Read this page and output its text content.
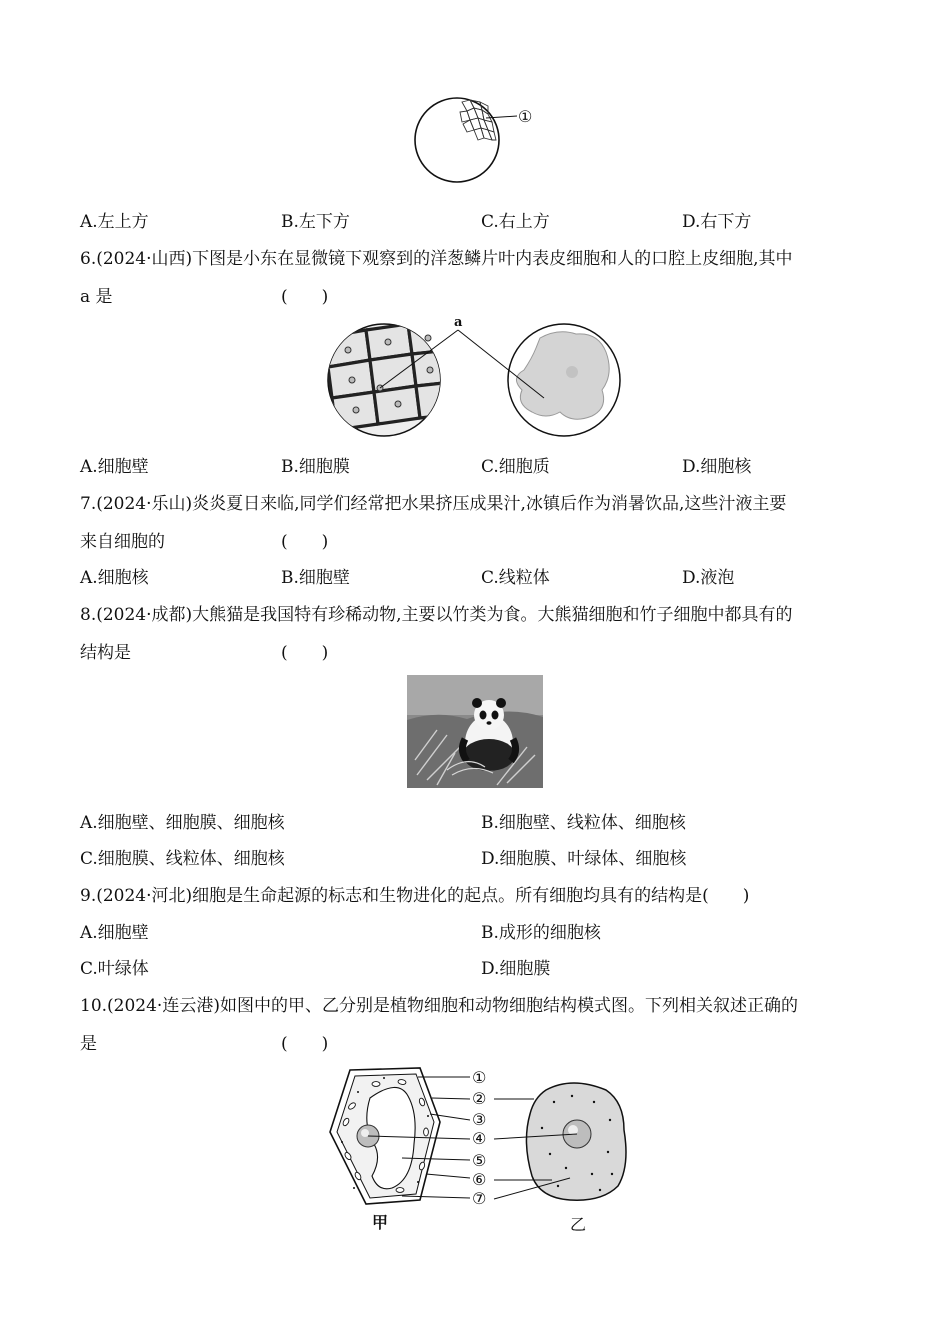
①
A.左上方	B.左下方	C.右上方	D.右下方
6.(2024·山西)下图是小东在显微镜下观察到的洋葱鳞片叶内表皮细胞和人的口腔上皮细胞,其中
a 是	(　　)
a
A.细胞壁	B.细胞膜	C.细胞质	D.细胞核
7.(2024·乐山)炎炎夏日来临,同学们经常把水果挤压成果汁,冰镇后作为消暑饮品,这些汁液主要
来自细胞的	(　　)
A.细胞核	B.细胞壁	C.线粒体	D.液泡
8.(2024·成都)大熊猫是我国特有珍稀动物,主要以竹类为食。大熊猫细胞和竹子细胞中都具有的
结构是	(　　)
A.细胞壁、细胞膜、细胞核	B.细胞壁、线粒体、细胞核
C.细胞膜、线粒体、细胞核	D.细胞膜、叶绿体、细胞核
9.(2024·河北)细胞是生命起源的标志和生物进化的起点。所有细胞均具有的结构是(　　)
A.细胞壁	B.成形的细胞核
C.叶绿体	D.细胞膜
10.(2024·连云港)如图中的甲、乙分别是植物细胞和动物细胞结构模式图。下列相关叙述正确的
是	(　　)
①
②
③
④
⑤
⑥
⑦
甲	乙
